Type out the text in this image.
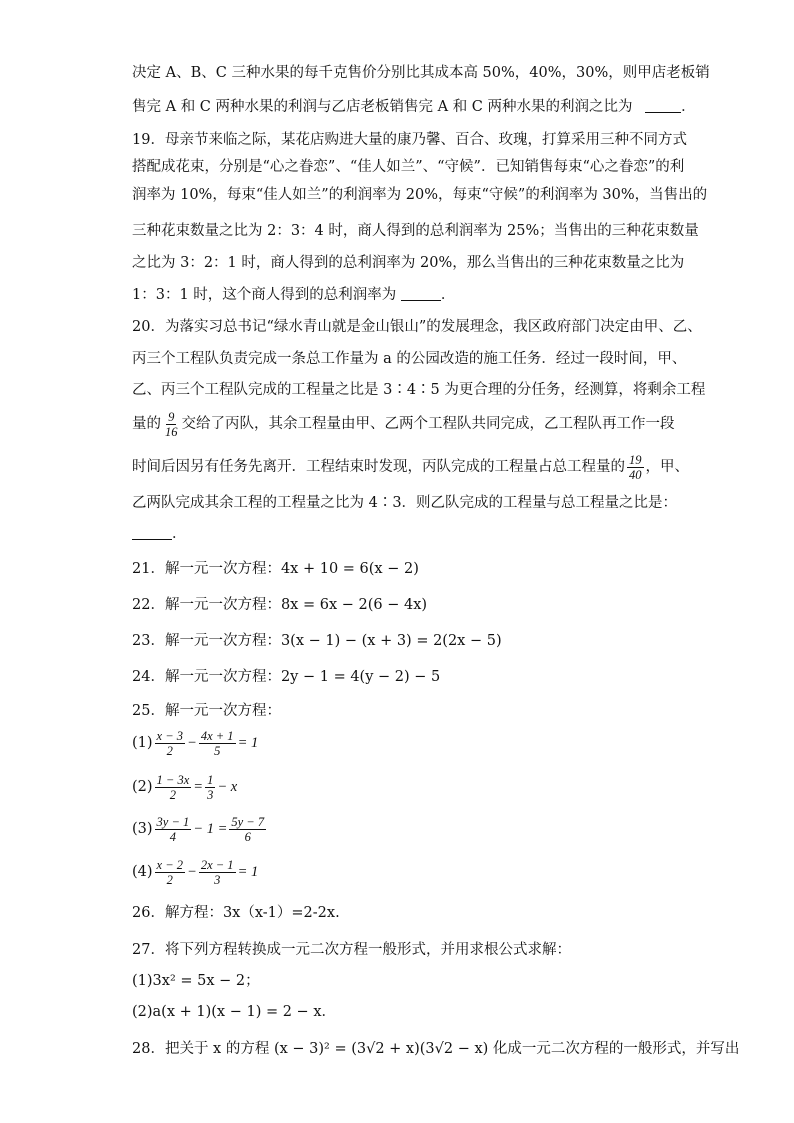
决定 A、B、C 三种水果的每千克售价分别比其成本高 50%，40%，30%，则甲店老板销
售完 A 和 C 两种水果的利润与乙店老板销售完 A 和 C 两种水果的利润之比为	．
19．母亲节来临之际，某花店购进大量的康乃馨、百合、玫瑰，打算采用三种不同方式
搭配成花束，分别是“心之眷恋”、“佳人如兰”、“守候”．已知销售每束“心之眷恋”的利
润率为 10%，每束“佳人如兰”的利润率为 20%，每束“守候”的利润率为 30%，当售出的
三种花束数量之比为 2：3：4 时，商人得到的总利润率为 25%；当售出的三种花束数量
之比为 3：2：1 时，商人得到的总利润率为 20%，那么当售出的三种花束数量之比为
1：3：1 时，这个商人得到的总利润率为	．
20．为落实习总书记“绿水青山就是金山银山”的发展理念，我区政府部门决定由甲、乙、
丙三个工程队负责完成一条总工作量为 a 的公园改造的施工任务．经过一段时间，甲、
乙、丙三个工程队完成的工程量之比是 3∶4∶5 为更合理的分任务，经测算，将剩余工程
量的 $\frac{9}{16}$ 交给了丙队，其余工程量由甲、乙两个工程队共同完成，乙工程队再工作一段
时间后因另有任务先离开．工程结束时发现，丙队完成的工程量占总工程量的 $\frac{19}{40}$ ，甲、
乙两队完成其余工程的工程量之比为 4∶3．则乙队完成的工程量与总工程量之比是：
．
21．解一元一次方程：4x + 10 = 6(x − 2)
22．解一元一次方程：8x = 6x − 2(6 − 4x)
23．解一元一次方程：3(x − 1) − (x + 3) = 2(2x − 5)
24．解一元一次方程：2y − 1 = 4(y − 2) − 5
25．解一元一次方程：
$(1) \frac{x - 3}{2} - \frac{4x + 1}{5} = 1$
$(2) \frac{1 - 3x}{2} = \frac{1}{3} - x$
$(3) \frac{3y - 1}{4} - 1 = \frac{5y - 7}{6}$
$(4) \frac{x - 2}{2} - \frac{2x - 1}{3} = 1$
26．解方程：3x（x-1）=2-2x.
27．将下列方程转换成一元二次方程一般形式，并用求根公式求解：
(1)3x² = 5x − 2；
(2)a(x + 1)(x − 1) = 2 − x．
28．把关于 x 的方程 (x − 3)² = (3√2 + x)(3√2 − x) 化成一元二次方程的一般形式，并写出
